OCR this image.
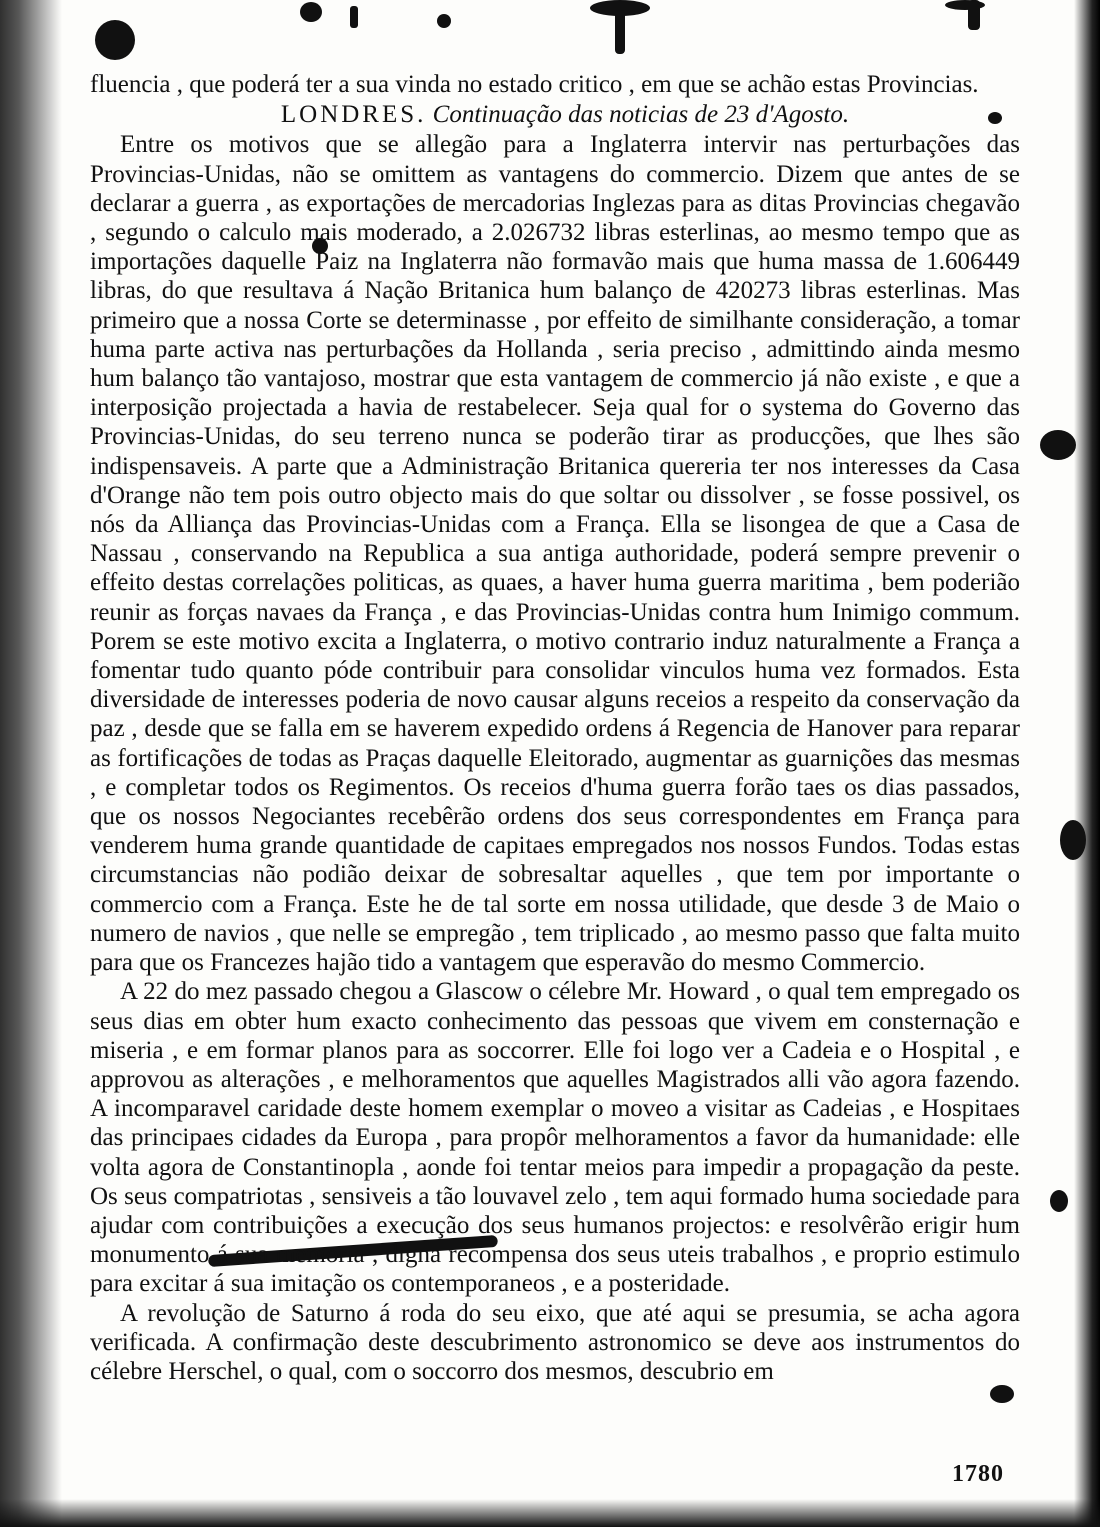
fluencia , que poderá ter a sua vinda no estado critico , em que se achão estas Provincias.

LONDRES. Continuação das noticias de 23 d'Agosto.

Entre os motivos que se allegão para a Inglaterra intervir nas perturbações das Provincias-Unidas, não se omittem as vantagens do commercio. Dizem que antes de se declarar a guerra , as exportações de mercadorias Inglezas para as ditas Provincias chegavão , segundo o calculo mais moderado, a 2.026732 libras esterlinas, ao mesmo tempo que as importações daquelle Paiz na Inglaterra não formavão mais que huma massa de 1.606449 libras, do que resultava á Nação Britanica hum balanço de 420273 libras esterlinas. Mas primeiro que a nossa Corte se determinasse , por effeito de similhante consideração, a tomar huma parte activa nas perturbações da Hollanda , seria preciso , admittindo ainda mesmo hum balanço tão vantajoso, mostrar que esta vantagem de commercio já não existe , e que a interposição projectada a havia de restabelecer. Seja qual for o systema do Governo das Provincias-Unidas, do seu terreno nunca se poderão tirar as producções, que lhes são indispensaveis. A parte que a Administração Britanica quereria ter nos interesses da Casa d'Orange não tem pois outro objecto mais do que soltar ou dissolver , se fosse possivel, os nós da Alliança das Provincias-Unidas com a França. Ella se lisongea de que a Casa de Nassau , conservando na Republica a sua antiga authoridade, poderá sempre prevenir o effeito destas correlações politicas, as quaes, a haver huma guerra maritima , bem poderião reunir as forças navaes da França , e das Provincias-Unidas contra hum Inimigo commum. Porem se este motivo excita a Inglaterra, o motivo contrario induz naturalmente a França a fomentar tudo quanto póde contribuir para consolidar vinculos huma vez formados. Esta diversidade de interesses poderia de novo causar alguns receios a respeito da conservação da paz , desde que se falla em se haverem expedido ordens á Regencia de Hanover para reparar as fortificações de todas as Praças daquelle Eleitorado, augmentar as guarnições das mesmas , e completar todos os Regimentos. Os receios d'huma guerra forão taes os dias passados, que os nossos Negociantes recebêrão ordens dos seus correspondentes em França para venderem huma grande quantidade de capitaes empregados nos nossos Fundos. Todas estas circumstancias não podião deixar de sobresaltar aquelles , que tem por importante o commercio com a França. Este he de tal sorte em nossa utilidade, que desde 3 de Maio o numero de navios , que nelle se empregão , tem triplicado , ao mesmo passo que falta muito para que os Francezes hajão tido a vantagem que esperavão do mesmo Commercio.

A 22 do mez passado chegou a Glascow o célebre Mr. Howard , o qual tem empregado os seus dias em obter hum exacto conhecimento das pessoas que vivem em consternação e miseria , e em formar planos para as soccorrer. Elle foi logo ver a Cadeia e o Hospital , e approvou as alterações , e melhoramentos que aquelles Magistrados alli vão agora fazendo. A incomparavel caridade deste homem exemplar o moveo a visitar as Cadeias , e Hospitaes das principaes cidades da Europa , para propôr melhoramentos a favor da humanidade: elle volta agora de Constantinopla , aonde foi tentar meios para impedir a propagação da peste. Os seus compatriotas , sensiveis a tão louvavel zelo , tem aqui formado huma sociedade para ajudar com contribuições a execução dos seus humanos projectos: e resolvêrão erigir hum monumento á sua memoria , digna recompensa dos seus uteis trabalhos , e proprio estimulo para excitar á sua imitação os contemporaneos , e a posteridade.

A revolução de Saturno á roda do seu eixo, que até aqui se presumia, se acha agora verificada. A confirmação deste descubrimento astronomico se deve aos instrumentos do célebre Herschel, o qual, com o soccorro dos mesmos, descubrio em

1780
